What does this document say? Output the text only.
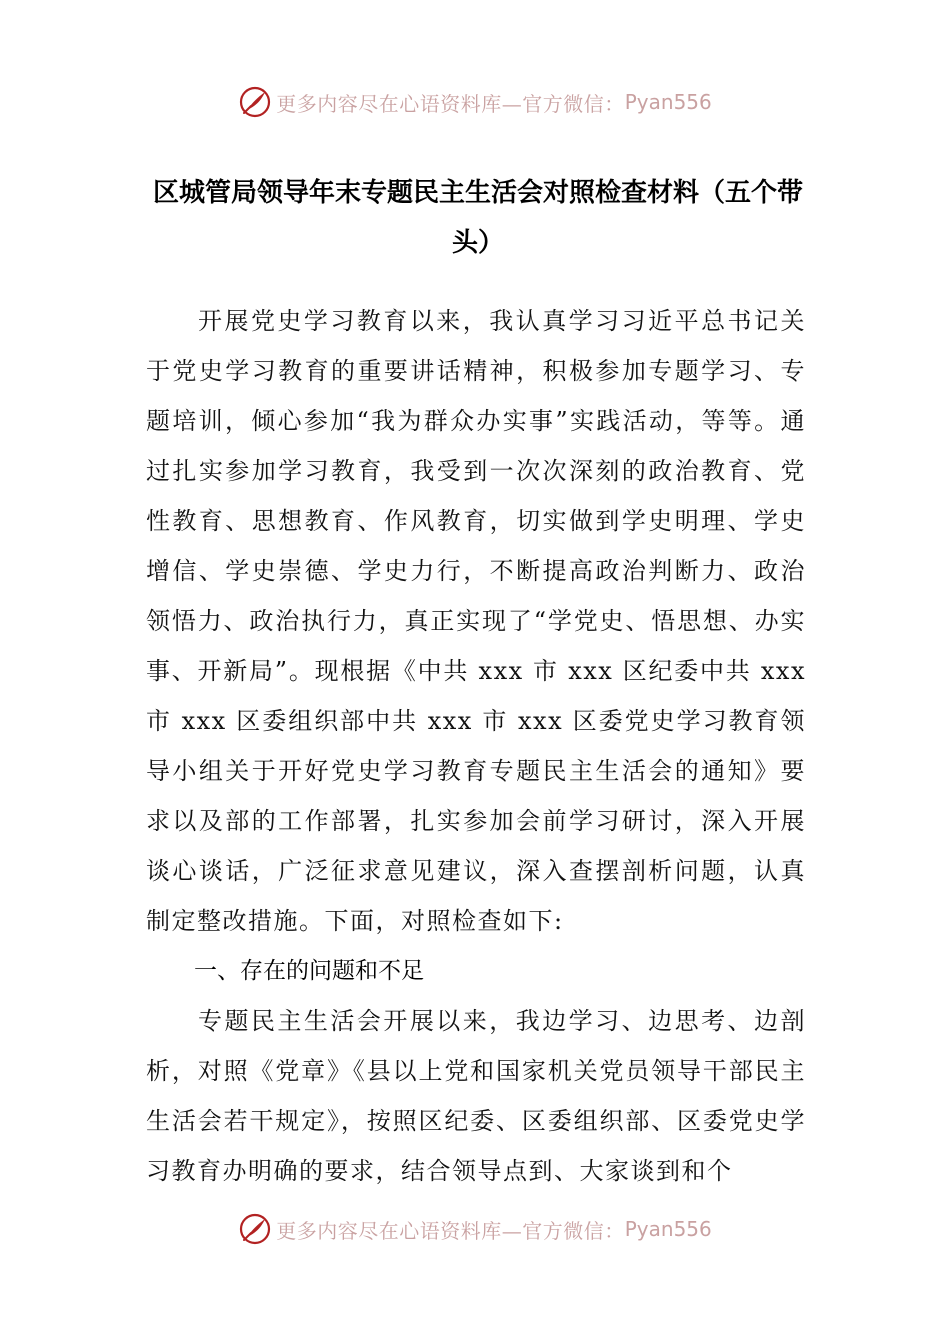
更多内容尽在心语资料库—官方微信： Pyan556
区城管局领导年末专题民主生活会对照检查材料（五个带头）

开展党史学习教育以来，我认真学习习近平总书记关于党史学习教育的重要讲话精神，积极参加专题学习、专题培训，倾心参加“我为群众办实事”实践活动，等等。通过扎实参加学习教育，我受到一次次深刻的政治教育、党性教育、思想教育、作风教育，切实做到学史明理、学史增信、学史崇德、学史力行，不断提高政治判断力、政治领悟力、政治执行力，真正实现了“学党史、悟思想、办实事、开新局”。现根据《中共 xxx 市 xxx 区纪委中共 xxx 市 xxx 区委组织部中共 xxx 市 xxx 区委党史学习教育领导小组关于开好党史学习教育专题民主生活会的通知》要求以及部的工作部署，扎实参加会前学习研讨，深入开展谈心谈话，广泛征求意见建议，深入查摆剖析问题，认真制定整改措施。下面，对照检查如下:

一、存在的问题和不足

专题民主生活会开展以来，我边学习、边思考、边剖析，对照《党章》《县以上党和国家机关党员领导干部民主生活会若干规定》，按照区纪委、区委组织部、区委党史学习教育办明确的要求，结合领导点到、大家谈到和个

更多内容尽在心语资料库—官方微信： Pyan556
